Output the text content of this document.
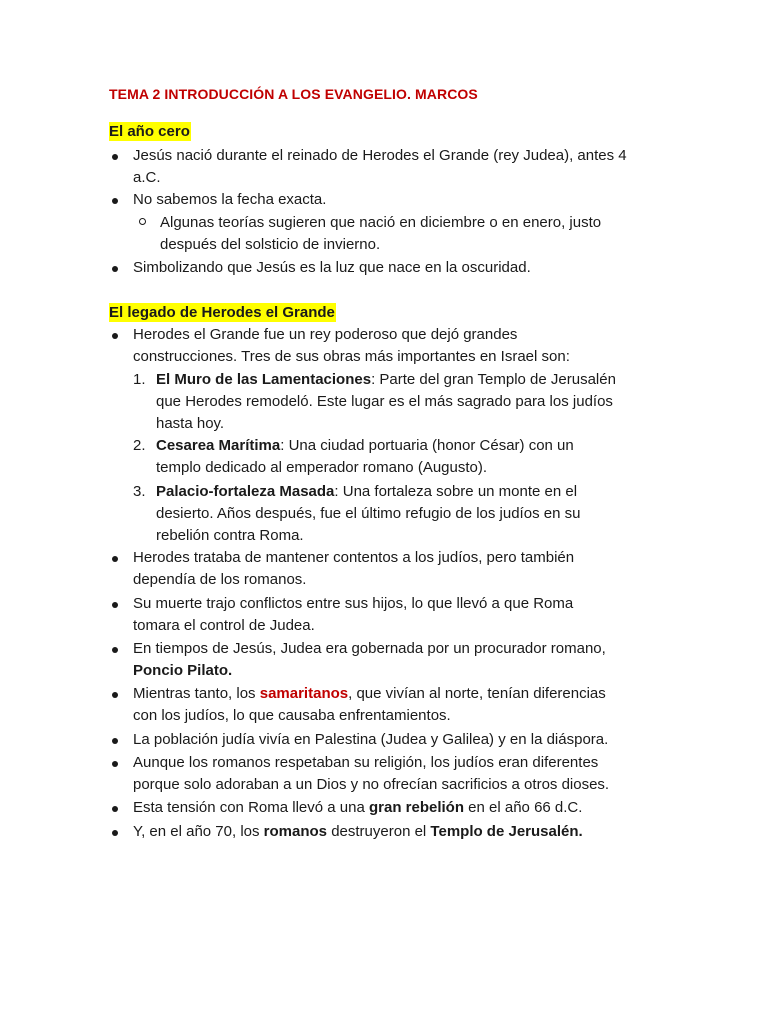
TEMA 2 INTRODUCCIÓN A LOS EVANGELIO. MARCOS
El año cero
Jesús nació durante el reinado de Herodes el Grande (rey Judea), antes 4
a.C.
No sabemos la fecha exacta.
Algunas teorías sugieren que nació en diciembre o en enero, justo
después del solsticio de invierno.
Simbolizando que Jesús es la luz que nace en la oscuridad.
El legado de Herodes el Grande
Herodes el Grande fue un rey poderoso que dejó grandes
construcciones. Tres de sus obras más importantes en Israel son:
1. El Muro de las Lamentaciones: Parte del gran Templo de Jerusalén
que Herodes remodeló. Este lugar es el más sagrado para los judíos
hasta hoy.
2. Cesarea Marítima: Una ciudad portuaria (honor César) con un
templo dedicado al emperador romano (Augusto).
3. Palacio-fortaleza Masada: Una fortaleza sobre un monte en el
desierto. Años después, fue el último refugio de los judíos en su
rebelión contra Roma.
Herodes trataba de mantener contentos a los judíos, pero también
dependía de los romanos.
Su muerte trajo conflictos entre sus hijos, lo que llevó a que Roma
tomara el control de Judea.
En tiempos de Jesús, Judea era gobernada por un procurador romano,
Poncio Pilato.
Mientras tanto, los samaritanos, que vivían al norte, tenían diferencias
con los judíos, lo que causaba enfrentamientos.
La población judía vivía en Palestina (Judea y Galilea) y en la diáspora.
Aunque los romanos respetaban su religión, los judíos eran diferentes
porque solo adoraban a un Dios y no ofrecían sacrificios a otros dioses.
Esta tensión con Roma llevó a una gran rebelión en el año 66 d.C.
Y, en el año 70, los romanos destruyeron el Templo de Jerusalén.
